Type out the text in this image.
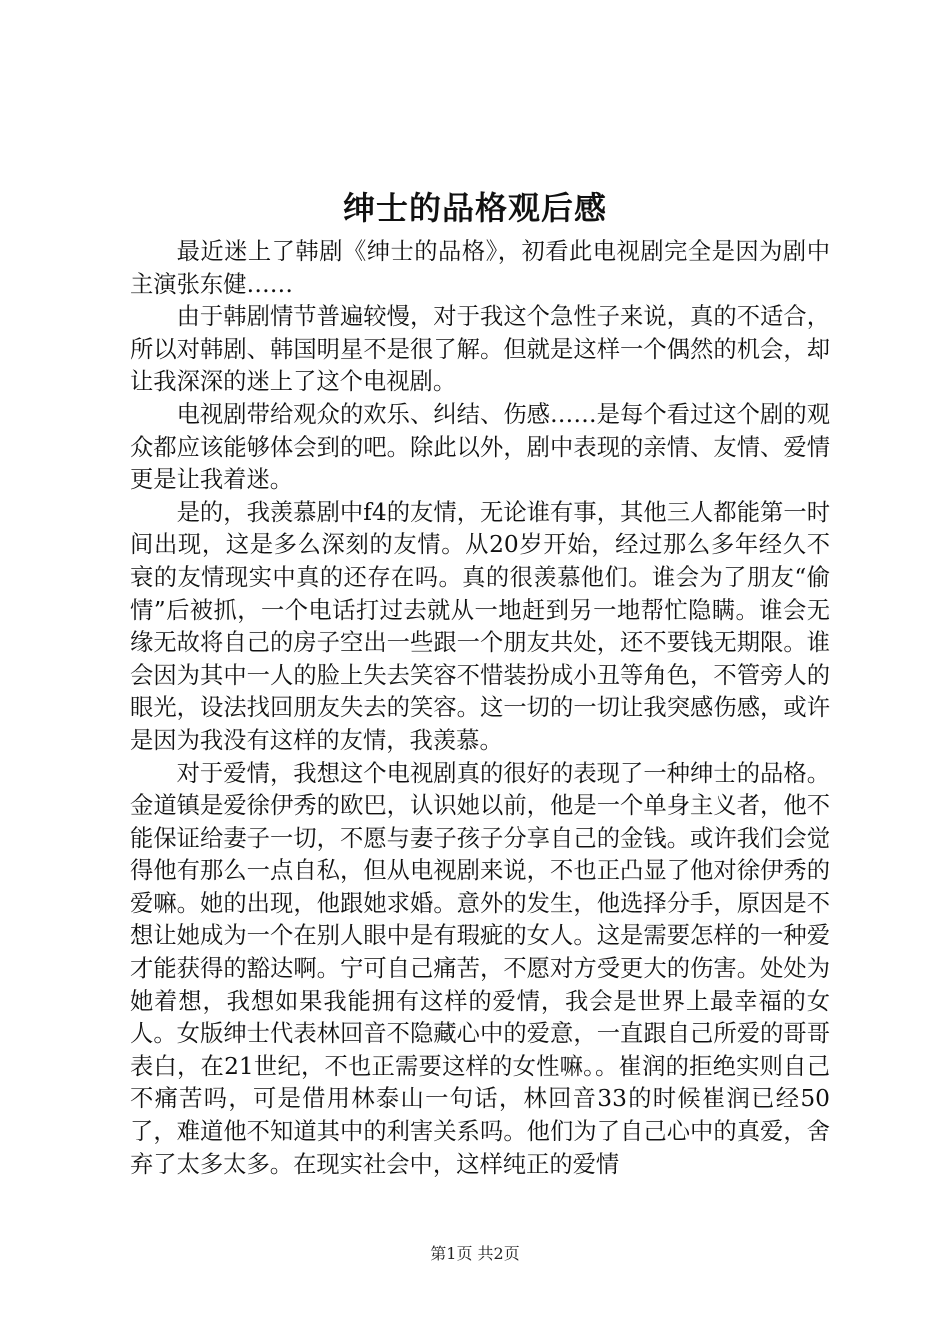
绅士的品格观后感

最近迷上了韩剧《绅士的品格》，初看此电视剧完全是因为剧中主演张东健……

由于韩剧情节普遍较慢，对于我这个急性子来说，真的不适合，所以对韩剧、韩国明星不是很了解。但就是这样一个偶然的机会，却让我深深的迷上了这个电视剧。

电视剧带给观众的欢乐、纠结、伤感……是每个看过这个剧的观众都应该能够体会到的吧。除此以外，剧中表现的亲情、友情、爱情更是让我着迷。

是的，我羡慕剧中f4的友情，无论谁有事，其他三人都能第一时间出现，这是多么深刻的友情。从20岁开始，经过那么多年经久不衰的友情现实中真的还存在吗。真的很羡慕他们。谁会为了朋友“偷情”后被抓，一个电话打过去就从一地赶到另一地帮忙隐瞒。谁会无缘无故将自己的房子空出一些跟一个朋友共处，还不要钱无期限。谁会因为其中一人的脸上失去笑容不惜装扮成小丑等角色，不管旁人的眼光，设法找回朋友失去的笑容。这一切的一切让我突感伤感，或许是因为我没有这样的友情，我羡慕。

对于爱情，我想这个电视剧真的很好的表现了一种绅士的品格。金道镇是爱徐伊秀的欧巴，认识她以前，他是一个单身主义者，他不能保证给妻子一切，不愿与妻子孩子分享自己的金钱。或许我们会觉得他有那么一点自私，但从电视剧来说，不也正凸显了他对徐伊秀的爱嘛。她的出现，他跟她求婚。意外的发生，他选择分手，原因是不想让她成为一个在别人眼中是有瑕疵的女人。这是需要怎样的一种爱才能获得的豁达啊。宁可自己痛苦，不愿对方受更大的伤害。处处为她着想，我想如果我能拥有这样的爱情，我会是世界上最幸福的女人。女版绅士代表林回音不隐藏心中的爱意，一直跟自己所爱的哥哥表白，在21世纪，不也正需要这样的女性嘛。。崔润的拒绝实则自己不痛苦吗，可是借用林泰山一句话，林回音33的时候崔润已经50了，难道他不知道其中的利害关系吗。他们为了自己心中的真爱，舍弃了太多太多。在现实社会中，这样纯正的爱情

第1页 共2页
